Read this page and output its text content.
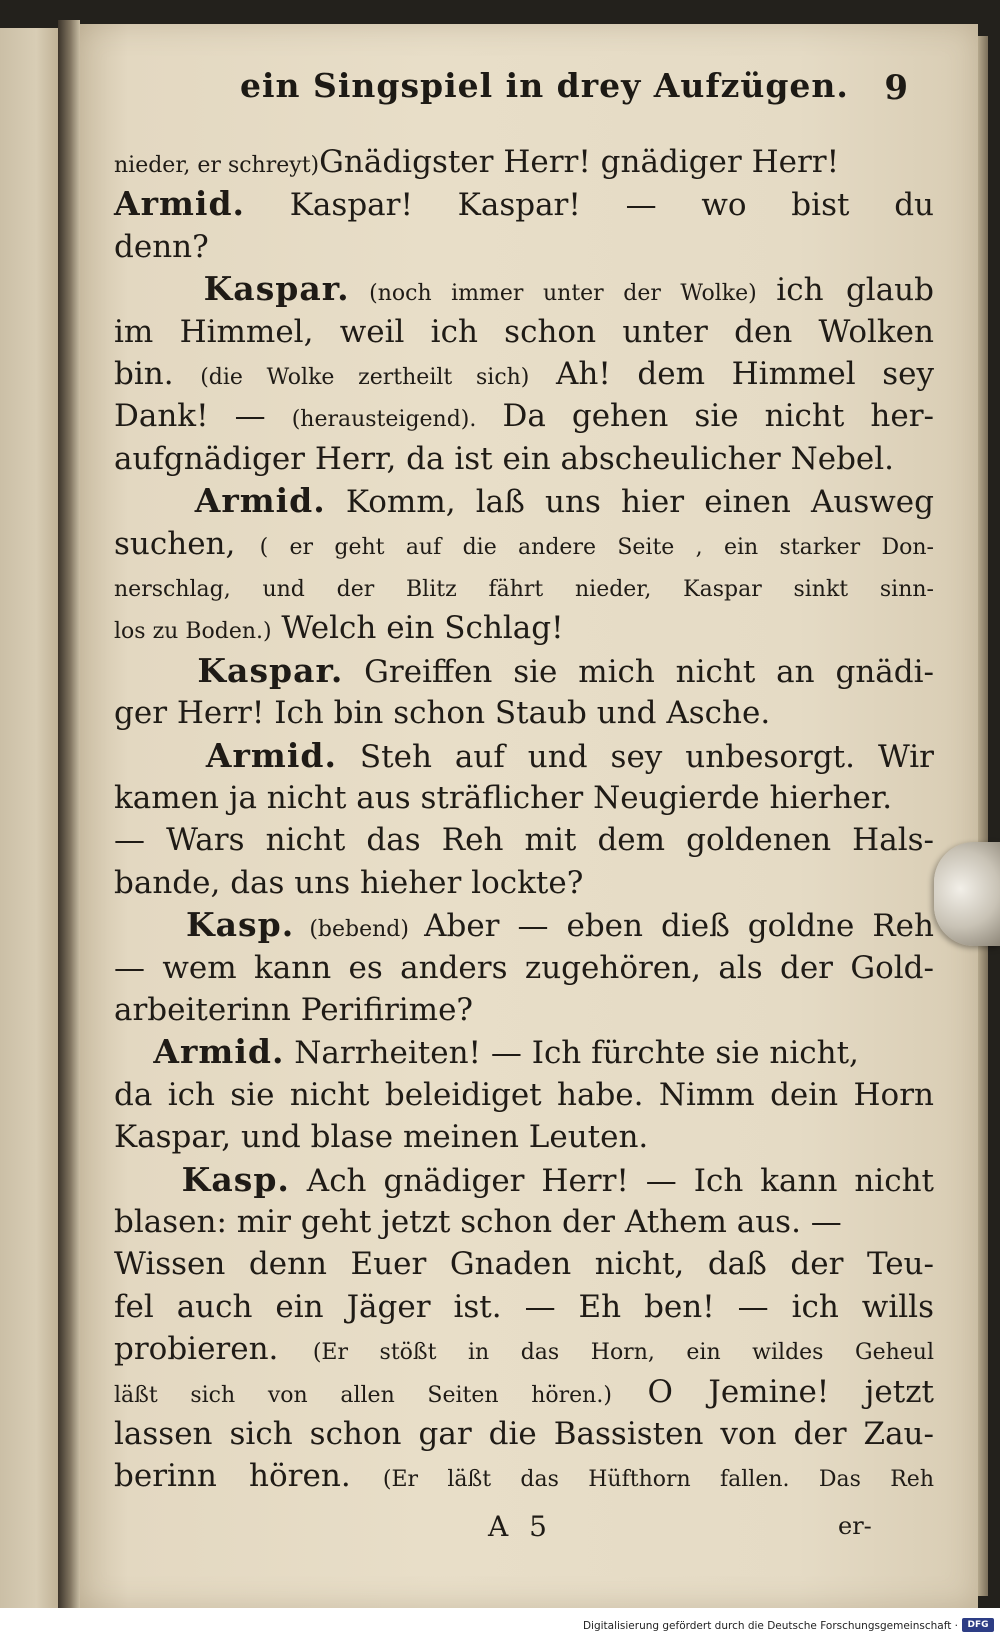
ein Singspiel in drey Aufzügen. 9
nieder, er schreyt)Gnädigster Herr! gnädiger Herr!
Armid. Kaspar! Kaspar! — wo bist du
denn?
Kaspar. (noch immer unter der Wolke) ich glaub
im Himmel, weil ich schon unter den Wolken
bin. (die Wolke zertheilt sich) Ah! dem Himmel sey
Dank! — (herausteigend). Da gehen sie nicht her-
aufgnädiger Herr, da ist ein abscheulicher Nebel.
Armid. Komm, laß uns hier einen Ausweg
suchen, ( er geht auf die andere Seite , ein starker Don-
nerschlag, und der Blitz fährt nieder, Kaspar sinkt sinn-
los zu Boden.) Welch ein Schlag!
Kaspar. Greiffen sie mich nicht an gnädi-
ger Herr! Ich bin schon Staub und Asche.
Armid. Steh auf und sey unbesorgt. Wir
kamen ja nicht aus sträflicher Neugierde hierher.
— Wars nicht das Reh mit dem goldenen Hals-
bande, das uns hieher lockte?
Kasp. (bebend) Aber — eben dieß goldne Reh
— wem kann es anders zugehören, als der Gold-
arbeiterinn Perifirime?
Armid. Narrheiten! — Ich fürchte sie nicht,
da ich sie nicht beleidiget habe. Nimm dein Horn
Kaspar, und blase meinen Leuten.
Kasp. Ach gnädiger Herr! — Ich kann nicht
blasen: mir geht jetzt schon der Athem aus. —
Wissen denn Euer Gnaden nicht, daß der Teu-
fel auch ein Jäger ist. — Eh ben! — ich wills
probieren. (Er stößt in das Horn, ein wildes Geheul
läßt sich von allen Seiten hören.) O Jemine! jetzt
lassen sich schon gar die Bassisten von der Zau-
berinn hören. (Er läßt das Hüfthorn fallen. Das Reh
A 5	er-
Digitalisierung gefördert durch die Deutsche Forschungsgemeinschaft ·	DFG
